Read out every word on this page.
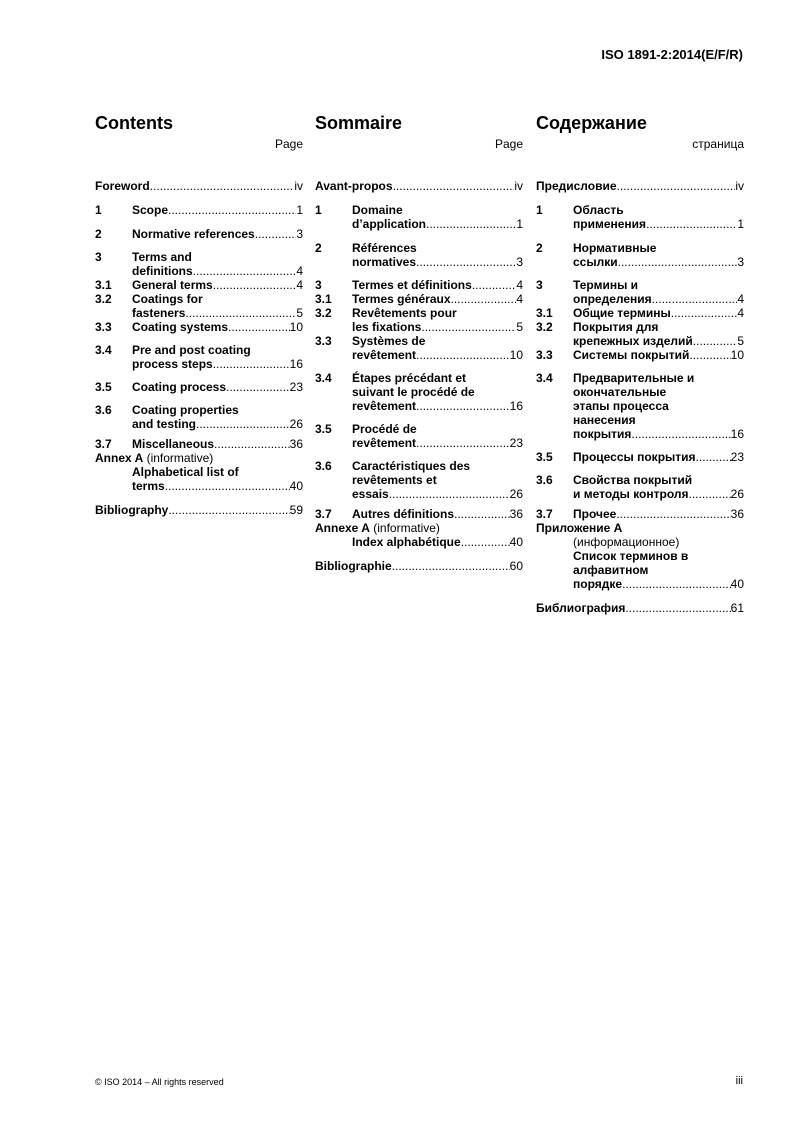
ISO 1891-2:2014(E/F/R)
Contents
Page
Foreword .....	iv
1	Scope .....	1
2	Normative references .....	3
3	Terms and
definitions .....	4
3.1	General terms .....	4
3.2	Coatings for
fasteners .....	5
3.3	Coating systems .....	10
3.4	Pre and post coating
process steps .....	16
3.5	Coating process .....	23
3.6	Coating properties
and testing .....	26
3.7	Miscellaneous .....	36
Annex A (informative)
Alphabetical list of
terms .....	40
Bibliography .....	59
Sommaire
Page
Avant-propos .....	iv
1	Domaine
d’application .....	1
2	Références
normatives .....	3
3	Termes et définitions .....	4
3.1	Termes généraux .....	4
3.2	Revêtements pour
les fixations .....	5
3.3	Systèmes de
revêtement .....	10
3.4	Étapes précédant et
suivant le procédé de
revêtement .....	16
3.5	Procédé de
revêtement .....	23
3.6	Caractéristiques des
revêtements et
essais .....	26
3.7	Autres définitions .....	36
Annexe A (informative)
Index alphabétique .....	40
Bibliographie .....	60
Содержание
страница
Предисловие .....	iv
1	Область
применения .....	1
2	Нормативные
ссылки .....	3
3	Термины и
определения .....	4
3.1	Общие термины .....	4
3.2	Покрытия для
крепежных изделий .....	5
3.3	Системы покрытий .....	10
3.4	Предварительные и
окончательные
этапы процесса
нанесения
покрытия .....	16
3.5	Процессы покрытия .....	23
3.6	Свойства покрытий
и методы контроля .....	26
3.7	Прочее .....	36
Приложение А
(информационное)
Список терминов в
алфавитном
порядке .....	40
Библиография .....	61
© ISO 2014 – All rights reserved	iii
